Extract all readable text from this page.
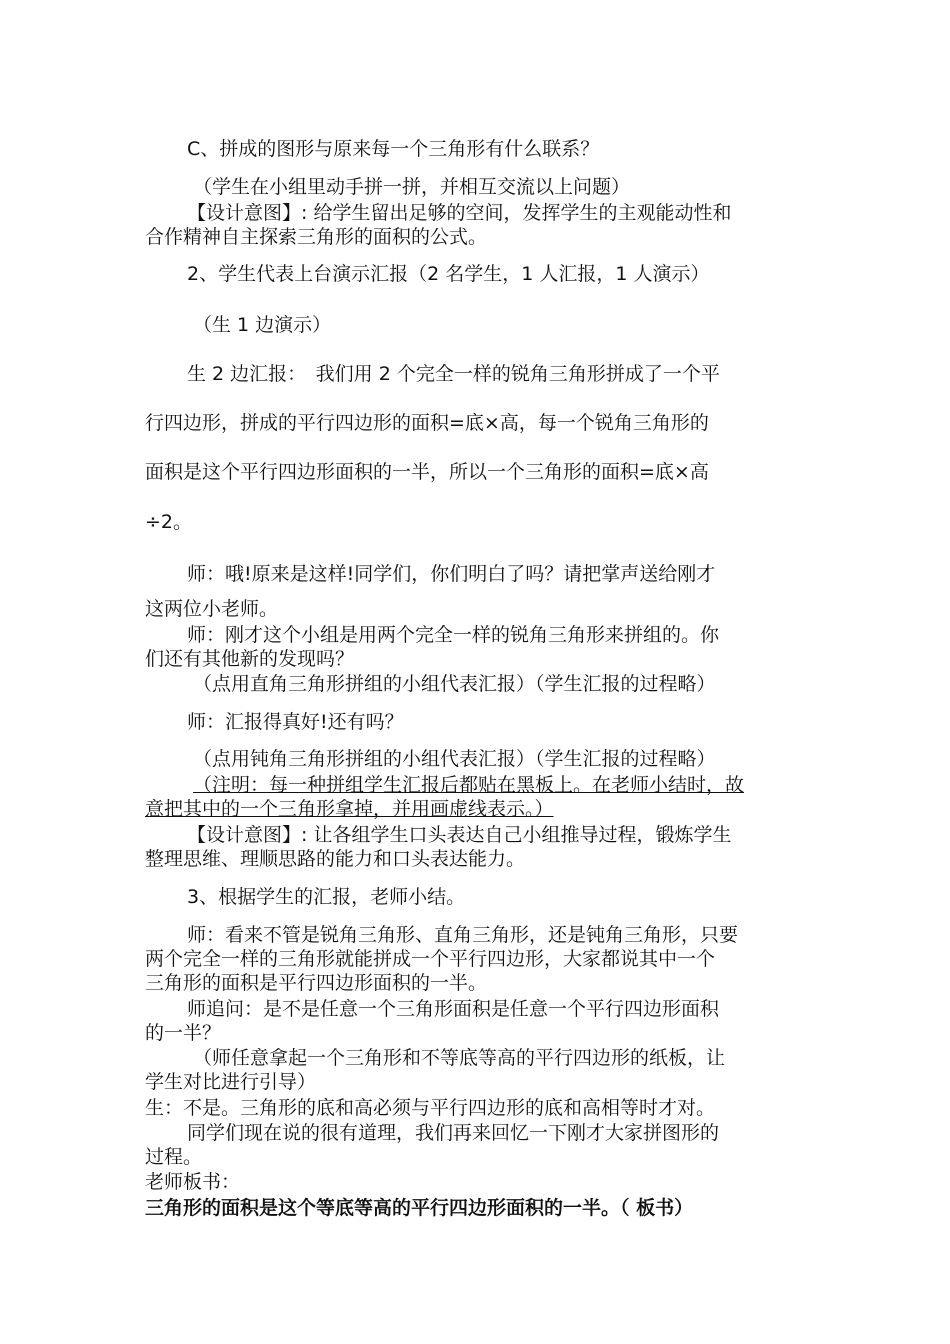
C、拼成的图形与原来每一个三角形有什么联系？
（学生在小组里动手拼一拼，并相互交流以上问题）
【设计意图】: 给学生留出足够的空间，发挥学生的主观能动性和
合作精神自主探索三角形的面积的公式。
2、学生代表上台演示汇报（2 名学生，1 人汇报，1 人演示）
（生 1 边演示）
生 2 边汇报：　我们用 2 个完全一样的锐角三角形拼成了一个平
行四边形，拼成的平行四边形的面积=底×高，每一个锐角三角形的
面积是这个平行四边形面积的一半，所以一个三角形的面积=底×高
÷2。
师：哦!原来是这样!同学们，你们明白了吗？请把掌声送给刚才
这两位小老师。
师：刚才这个小组是用两个完全一样的锐角三角形来拼组的。你
们还有其他新的发现吗？
（点用直角三角形拼组的小组代表汇报）（学生汇报的过程略）
师：汇报得真好!还有吗？
（点用钝角三角形拼组的小组代表汇报）（学生汇报的过程略）
（注明：每一种拼组学生汇报后都贴在黑板上。在老师小结时，故
意把其中的一个三角形拿掉，并用画虚线表示。）
【设计意图】: 让各组学生口头表达自己小组推导过程，锻炼学生
整理思维、理顺思路的能力和口头表达能力。
3、根据学生的汇报，老师小结。
师：看来不管是锐角三角形、直角三角形，还是钝角三角形，只要
两个完全一样的三角形就能拼成一个平行四边形，大家都说其中一个
三角形的面积是平行四边形面积的一半。
师追问：是不是任意一个三角形面积是任意一个平行四边形面积
的一半？
（师任意拿起一个三角形和不等底等高的平行四边形的纸板，让
学生对比进行引导）
生：不是。三角形的底和高必须与平行四边形的底和高相等时才对。
同学们现在说的很有道理，我们再来回忆一下刚才大家拼图形的
过程。
老师板书：
三角形的面积是这个等底等高的平行四边形面积的一半。（ 板书）
